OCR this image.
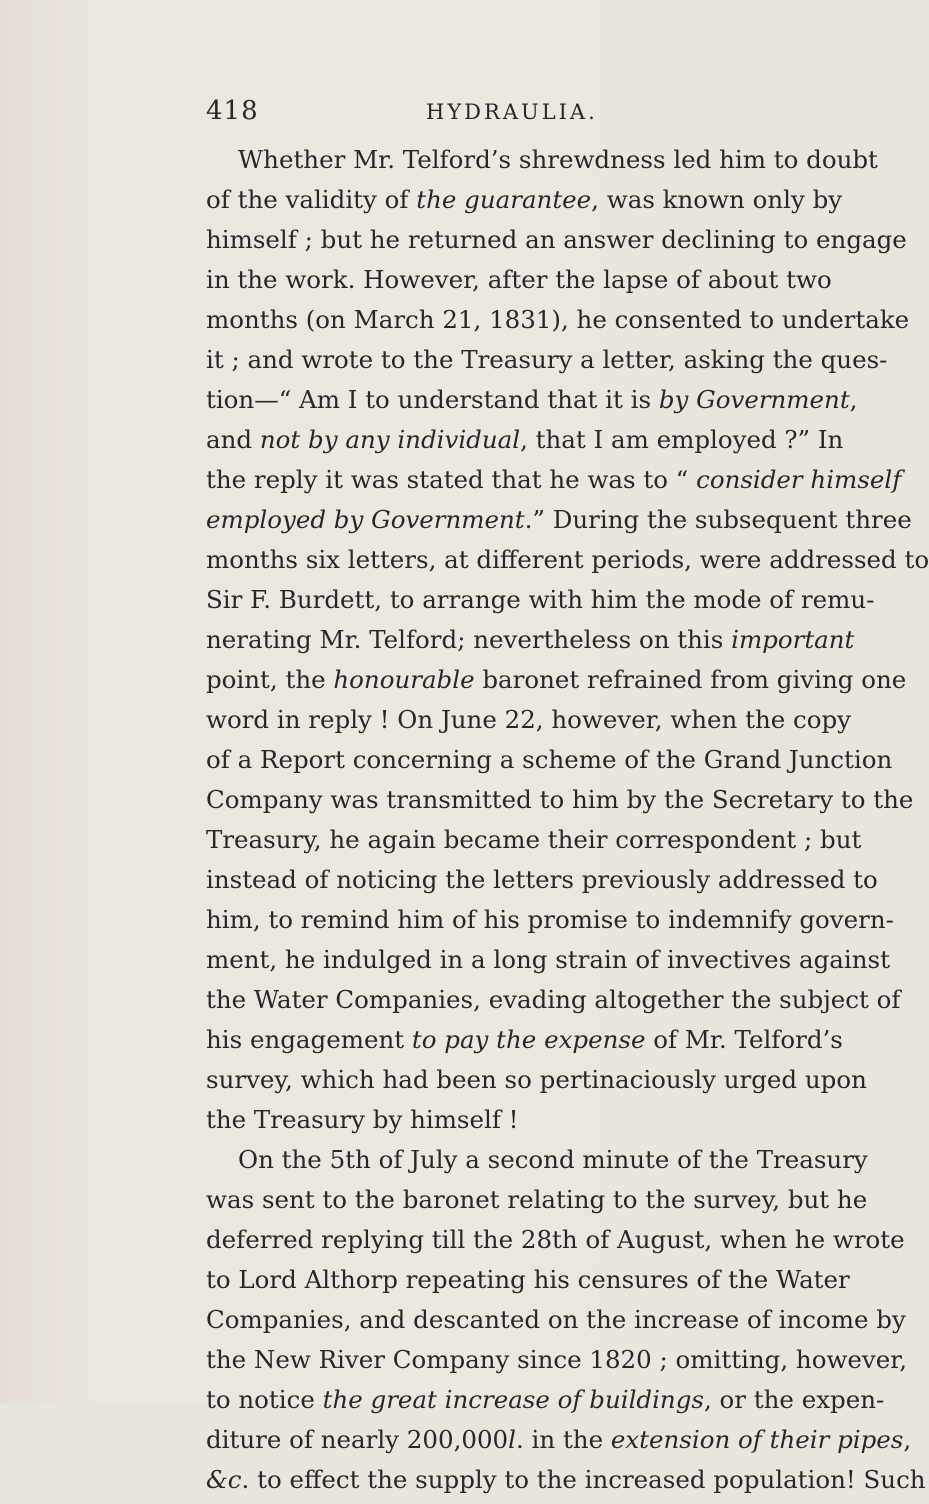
418	HYDRAULIA.
Whether Mr. Telford’s shrewdness led him to doubt
of the validity of the guarantee, was known only by
himself ; but he returned an answer declining to engage
in the work. However, after the lapse of about two
months (on March 21, 1831), he consented to undertake
it ; and wrote to the Treasury a letter, asking the ques-
tion—“ Am I to understand that it is by Government,
and not by any individual, that I am employed ?” In
the reply it was stated that he was to “ consider himself
employed by Government.” During the subsequent three
months six letters, at different periods, were addressed to
Sir F. Burdett, to arrange with him the mode of remu-
nerating Mr. Telford; nevertheless on this important
point, the honourable baronet refrained from giving one
word in reply ! On June 22, however, when the copy
of a Report concerning a scheme of the Grand Junction
Company was transmitted to him by the Secretary to the
Treasury, he again became their correspondent ; but
instead of noticing the letters previously addressed to
him, to remind him of his promise to indemnify govern-
ment, he indulged in a long strain of invectives against
the Water Companies, evading altogether the subject of
his engagement to pay the expense of Mr. Telford’s
survey, which had been so pertinaciously urged upon
the Treasury by himself !
On the 5th of July a second minute of the Treasury
was sent to the baronet relating to the survey, but he
deferred replying till the 28th of August, when he wrote
to Lord Althorp repeating his censures of the Water
Companies, and descanted on the increase of income by
the New River Company since 1820 ; omitting, however,
to notice the great increase of buildings, or the expen-
diture of nearly 200,000l. in the extension of their pipes,
&c. to effect the supply to the increased population! Such
